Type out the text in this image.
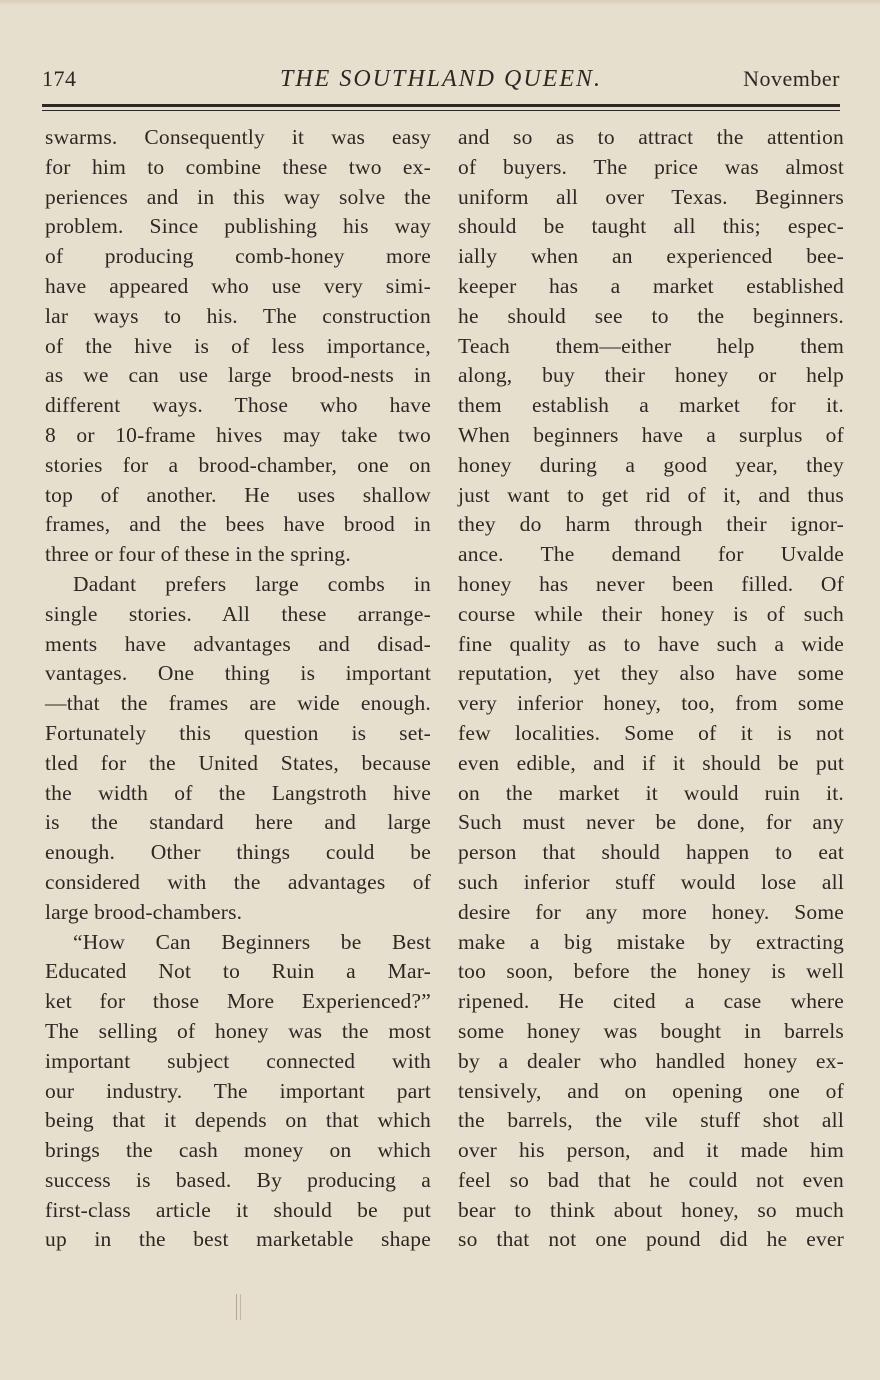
174	THE SOUTHLAND QUEEN.	November
swarms. Consequently it was easy
for him to combine these two ex-
periences and in this way solve the
problem. Since publishing his way
of producing comb-honey more
have appeared who use very simi-
lar ways to his. The construction
of the hive is of less importance,
as we can use large brood-nests in
different ways. Those who have
8 or 10-frame hives may take two
stories for a brood-chamber, one on
top of another. He uses shallow
frames, and the bees have brood in
three or four of these in the spring.
Dadant prefers large combs in
single stories. All these arrange-
ments have advantages and disad-
vantages. One thing is important
—that the frames are wide enough.
Fortunately this question is set-
tled for the United States, because
the width of the Langstroth hive
is the standard here and large
enough. Other things could be
considered with the advantages of
large brood-chambers.
“How Can Beginners be Best
Educated Not to Ruin a Mar-
ket for those More Experienced?”
The selling of honey was the most
important subject connected with
our industry. The important part
being that it depends on that which
brings the cash money on which
success is based. By producing a
first-class article it should be put
up in the best marketable shape
and so as to attract the attention
of buyers. The price was almost
uniform all over Texas. Beginners
should be taught all this; espec-
ially when an experienced bee-
keeper has a market established
he should see to the beginners.
Teach them—either help them
along, buy their honey or help
them establish a market for it.
When beginners have a surplus of
honey during a good year, they
just want to get rid of it, and thus
they do harm through their ignor-
ance. The demand for Uvalde
honey has never been filled. Of
course while their honey is of such
fine quality as to have such a wide
reputation, yet they also have some
very inferior honey, too, from some
few localities. Some of it is not
even edible, and if it should be put
on the market it would ruin it.
Such must never be done, for any
person that should happen to eat
such inferior stuff would lose all
desire for any more honey. Some
make a big mistake by extracting
too soon, before the honey is well
ripened. He cited a case where
some honey was bought in barrels
by a dealer who handled honey ex-
tensively, and on opening one of
the barrels, the vile stuff shot all
over his person, and it made him
feel so bad that he could not even
bear to think about honey, so much
so that not one pound did he ever
